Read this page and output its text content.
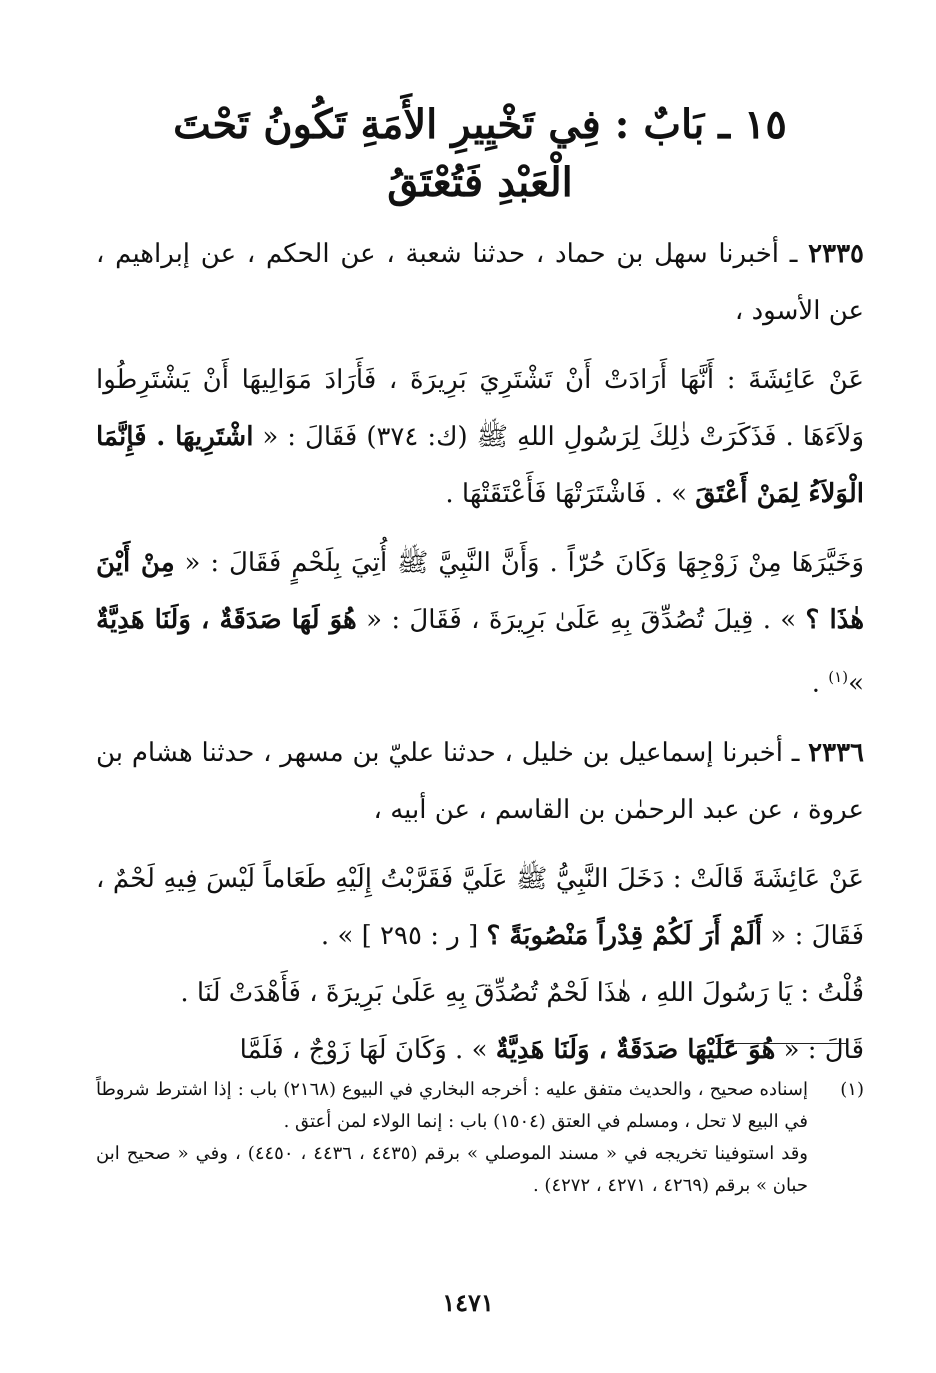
١٥ ـ بَابٌ : فِي تَخْيِيرِ الأَمَةِ تَكُونُ تَحْتَ
الْعَبْدِ فَتُعْتَقُ

٢٣٣٥ ـ أخبرنا سهل بن حماد ، حدثنا شعبة ، عن الحكم ، عن إبراهيم ، عن الأسود ،

عَنْ عَائِشَةَ : أَنَّهَا أَرَادَتْ أَنْ تَشْتَرِيَ بَرِيرَةَ ، فَأَرَادَ مَوَالِيهَا أَنْ يَشْتَرِطُوا وَلاَءَهَا . فَذَكَرَتْ ذٰلِكَ لِرَسُولِ اللهِ ﷺ (ك: ٣٧٤) فَقَالَ : « اشْتَرِيهَا . فَإِنَّمَا الْوَلاَءُ لِمَنْ أَعْتَقَ » . فَاشْتَرَتْهَا فَأَعْتَقَتْهَا .

وَخَيَّرَهَا مِنْ زَوْجِهَا وَكَانَ حُرّاً . وَأَنَّ النَّبِيَّ ﷺ أُتِيَ بِلَحْمٍ فَقَالَ : « مِنْ أَيْنَ هٰذَا ؟ » . قِيلَ تُصُدِّقَ بِهِ عَلَىٰ بَرِيرَةَ ، فَقَالَ : « هُوَ لَهَا صَدَقَةٌ ، وَلَنَا هَدِيَّةٌ »$^{(١)}$ .

٢٣٣٦ ـ أخبرنا إسماعيل بن خليل ، حدثنا عليّ بن مسهر ، حدثنا هشام بن عروة ، عن عبد الرحمٰن بن القاسم ، عن أبيه ،

عَنْ عَائِشَةَ قَالَتْ : دَخَلَ النَّبِيُّ ﷺ عَلَيَّ فَقَرَّبْتُ إِلَيْهِ طَعَاماً لَيْسَ فِيهِ لَحْمٌ ، فَقَالَ : « أَلَمْ أَرَ لَكُمْ قِدْراً مَنْصُوبَةً ؟ [ ر : ٢٩٥ ] » .

قُلْتُ : يَا رَسُولَ اللهِ ، هٰذَا لَحْمٌ تُصُدِّقَ بِهِ عَلَىٰ بَرِيرَةَ ، فَأَهْدَتْ لَنَا .

قَالَ : « هُوَ عَلَيْهَا صَدَقَةٌ ، وَلَنَا هَدِيَّةٌ » . وَكَانَ لَهَا زَوْجٌ ، فَلَمَّا

(١)
إسناده صحيح ، والحديث متفق عليه : أخرجه البخاري في البيوع (٢١٦٨) باب : إذا اشترط شروطاً في البيع لا تحل ، ومسلم في العتق (١٥٠٤) باب : إنما الولاء لمن أعتق .
وقد استوفينا تخريجه في « مسند الموصلي » برقم (٤٤٣٥ ، ٤٤٣٦ ، ٤٤٥٠) ، وفي « صحيح ابن حبان » برقم (٤٢٦٩ ، ٤٢٧١ ، ٤٢٧٢) .
١٤٧١
